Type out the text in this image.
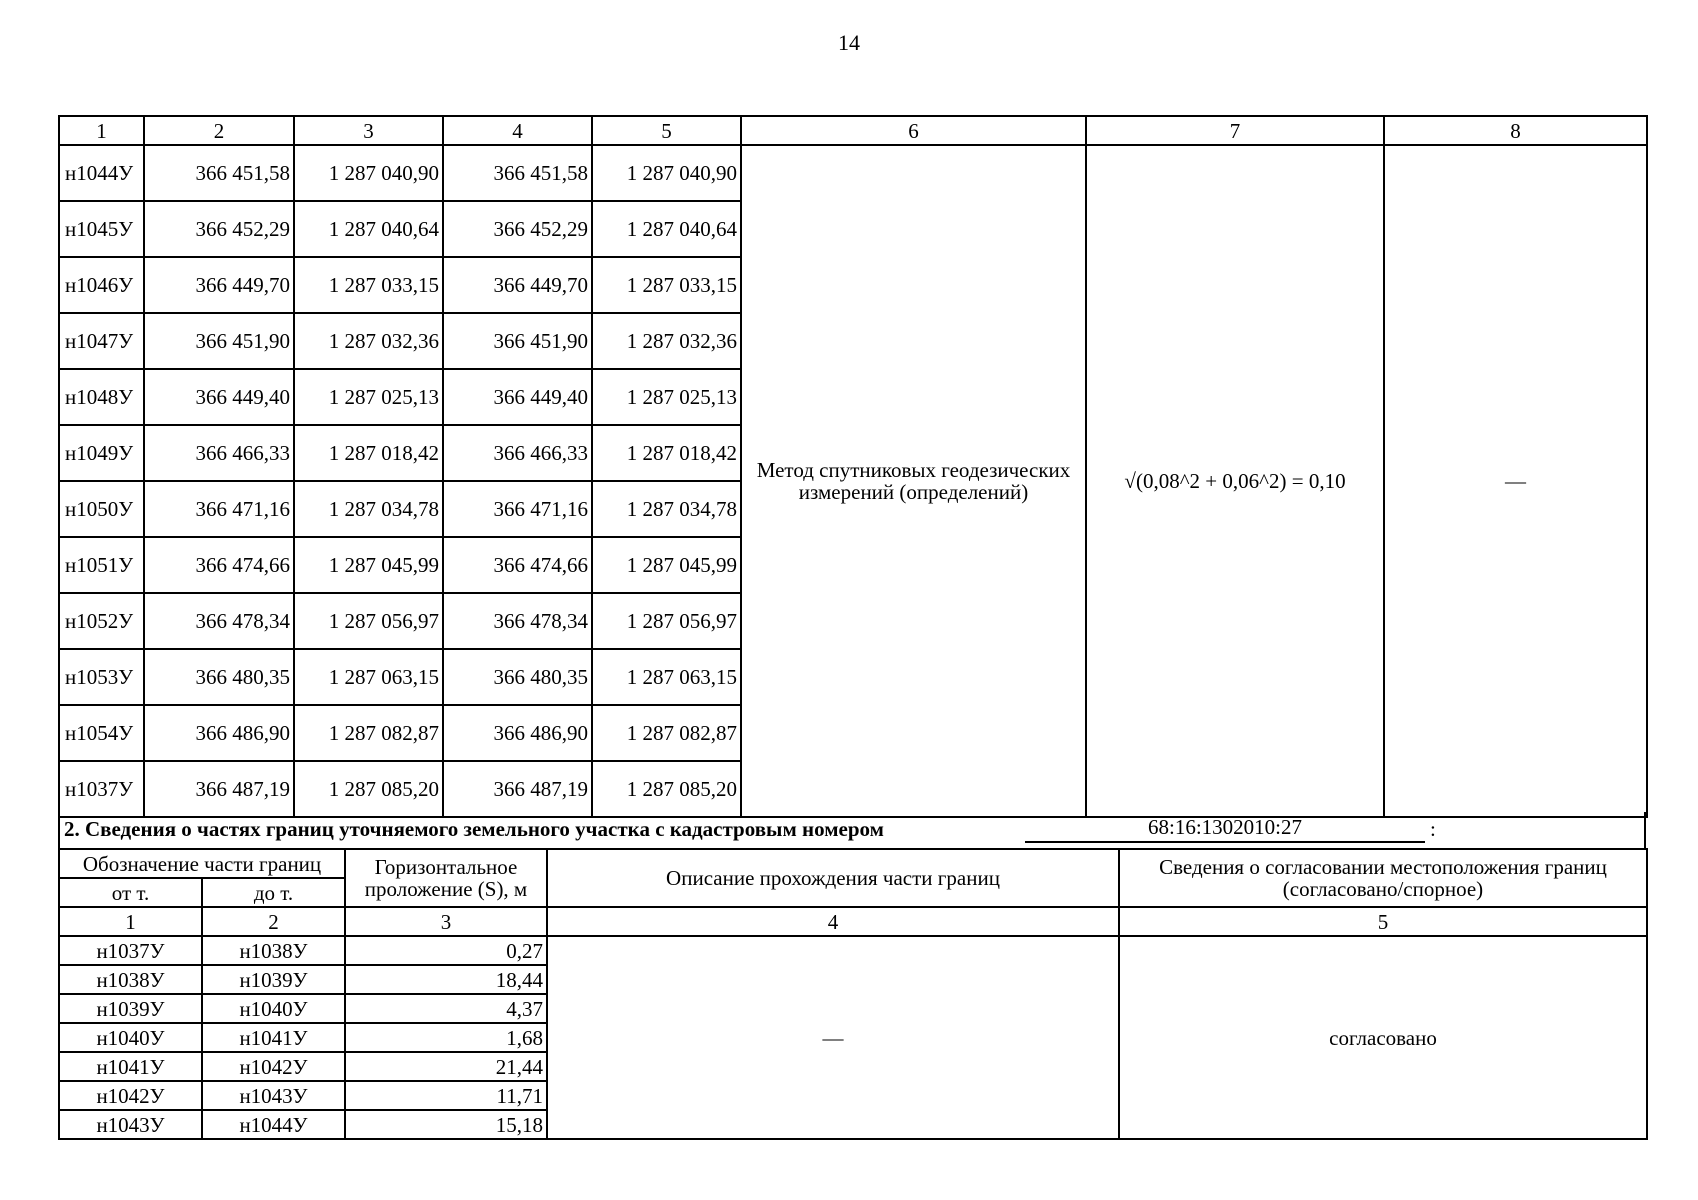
14
1	2	3	4	5	6	7	8
н1044У	366 451,58	1 287 040,90	366 451,58	1 287 040,90	Метод спутниковых геодезических измерений (определений)	√(0,08^2 + 0,06^2) = 0,10	—
н1045У	366 452,29	1 287 040,64	366 452,29	1 287 040,64			
н1046У	366 449,70	1 287 033,15	366 449,70	1 287 033,15			
н1047У	366 451,90	1 287 032,36	366 451,90	1 287 032,36			
н1048У	366 449,40	1 287 025,13	366 449,40	1 287 025,13			
н1049У	366 466,33	1 287 018,42	366 466,33	1 287 018,42			
н1050У	366 471,16	1 287 034,78	366 471,16	1 287 034,78			
н1051У	366 474,66	1 287 045,99	366 474,66	1 287 045,99			
н1052У	366 478,34	1 287 056,97	366 478,34	1 287 056,97			
н1053У	366 480,35	1 287 063,15	366 480,35	1 287 063,15			
н1054У	366 486,90	1 287 082,87	366 486,90	1 287 082,87			
н1037У	366 487,19	1 287 085,20	366 487,19	1 287 085,20			
2. Сведения о частях границ уточняемого земельного участка с кадастровым номером	68:16:1302010:27	:
Обозначение части границ		Горизонтальное проложение (S), м	Описание прохождения части границ	Сведения о согласовании местоположения границ (согласовано/спорное)
от т.	до т.			
1	2	3	4	5
н1037У	н1038У	0,27	—	согласовано
н1038У	н1039У	18,44		
н1039У	н1040У	4,37		
н1040У	н1041У	1,68		
н1041У	н1042У	21,44		
н1042У	н1043У	11,71		
н1043У	н1044У	15,18		
